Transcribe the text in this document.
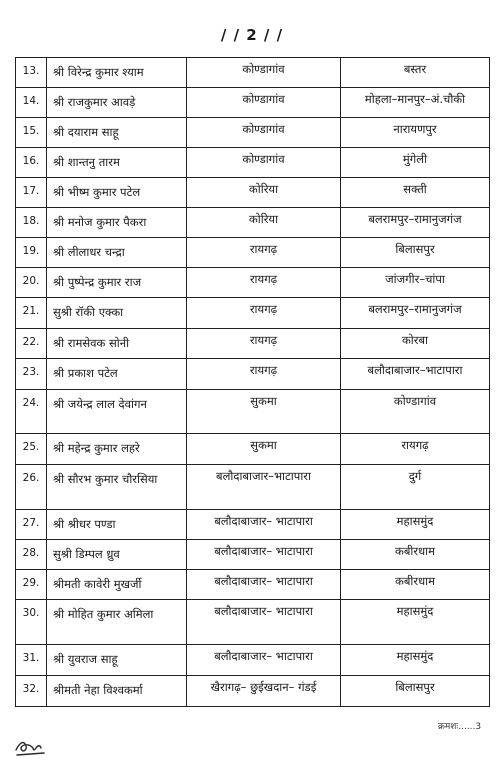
/ / 2 / /
13.	श्री विरेन्द्र कुमार श्याम	कोण्डागांव	बस्तर
14.	श्री राजकुमार आवड़े	कोण्डागांव	मोहला–मानपुर–अं.चौकी
15.	श्री दयाराम साहू	कोण्डागांव	नारायणपुर
16.	श्री शान्तनु तारम	कोण्डागांव	मुंगेली
17.	श्री भीष्म कुमार पटेल	कोरिया	सक्ती
18.	श्री मनोज कुमार पैकरा	कोरिया	बलरामपुर–रामानुजगंज
19.	श्री लीलाधर चन्द्रा	रायगढ़	बिलासपुर
20.	श्री पुष्पेन्द्र कुमार राज	रायगढ़	जांजगीर–चांपा
21.	सुश्री रॉकी एक्का	रायगढ़	बलरामपुर–रामानुजगंज
22.	श्री रामसेवक सोनी	रायगढ़	कोरबा
23.	श्री प्रकाश पटेल	रायगढ़	बलौदाबाजार–भाटापारा
24.	श्री जयेन्द्र लाल देवांगन	सुकमा	कोण्डागांव
25.	श्री महेन्द्र कुमार लहरे	सुकमा	रायगढ़
26.	श्री सौरभ कुमार चौरसिया	बलौदाबाजार–भाटापारा	दुर्ग
27.	श्री श्रीधर पण्डा	बलौदाबाजार– भाटापारा	महासमुंद
28.	सुश्री डिम्पल ध्रुव	बलौदाबाजार– भाटापारा	कबीरधाम
29.	श्रीमती कावेरी मुखर्जी	बलौदाबाजार– भाटापारा	कबीरधाम
30.	श्री मोहित कुमार अमिला	बलौदाबाजार– भाटापारा	महासमुंद
31.	श्री युवराज साहू	बलौदाबाजार– भाटापारा	महासमुंद
32.	श्रीमती नेहा विश्वकर्मा	खैरागढ़– छुईखदान– गंडई	बिलासपुर
क्रमशः......3
